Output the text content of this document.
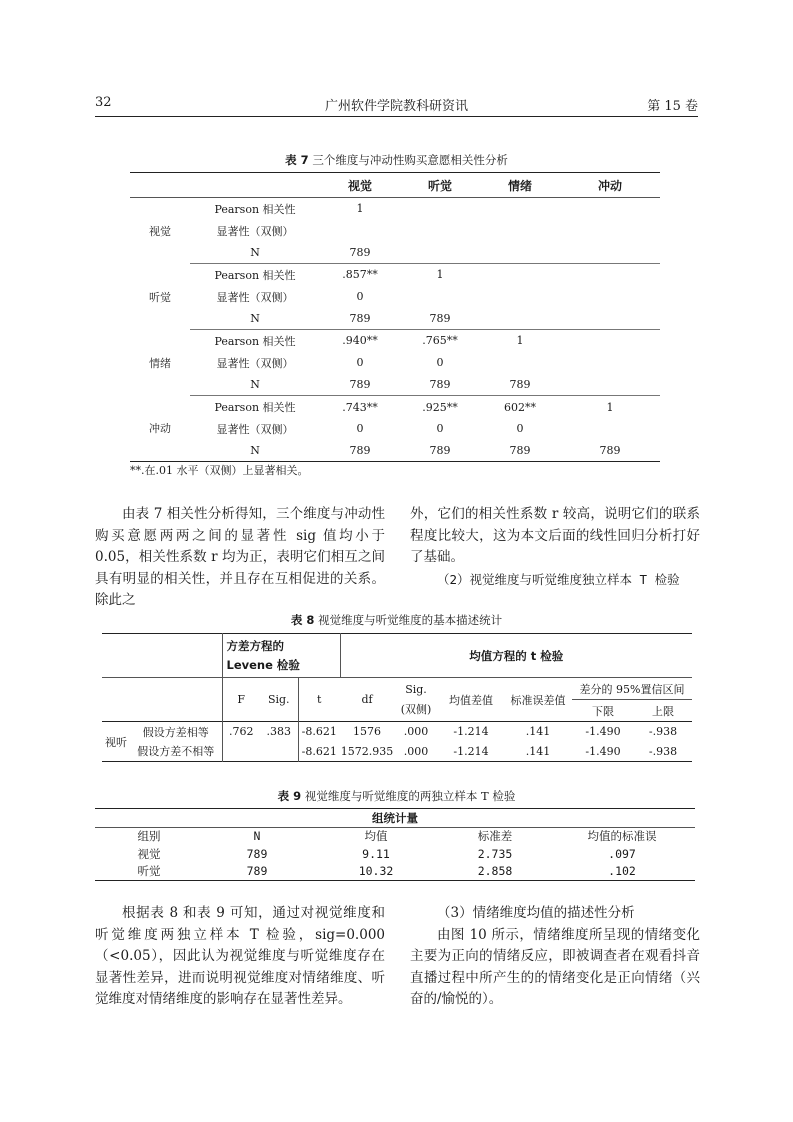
32	广州软件学院教科研资讯	第 15 卷
表 7 三个维度与冲动性购买意愿相关性分析
		视觉	听觉	情绪	冲动
视觉	Pearson 相关性	1			
	显著性（双侧）				
	N	789			
听觉	Pearson 相关性	.857**	1		
	显著性（双侧）	0			
	N	789	789		
情绪	Pearson 相关性	.940**	.765**	1	
	显著性（双侧）	0	0		
	N	789	789	789	
冲动	Pearson 相关性	.743**	.925**	602**	1
	显著性（双侧）	0	0	0	
	N	789	789	789	789
**.在.01 水平（双侧）上显著相关。

由表 7 相关性分析得知，三个维度与冲动性购买意愿两两之间的显著性 sig 值均小于 0.05，相关性系数 r 均为正，表明它们相互之间具有明显的相关性，并且存在互相促进的关系。除此之

外，它们的相关性系数 r 较高，说明它们的联系程度比较大，这为本文后面的线性回归分析打好了基础。

（2）视觉维度与听觉维度独立样本 T 检验

表 8 视觉维度与听觉维度的基本描述统计

		方差方程的
Levene 检验			均值方程的 t 检验					
		F	Sig.	t	df	Sig.
(双侧)	均值差值	标准误差值	差分的 95%置信区间	
									下限	上限
视听	假设方差相等	.762	.383	-8.621	1576	.000	-1.214	.141	-1.490	-.938
	假设方差不相等			-8.621	1572.935	.000	-1.214	.141	-1.490	-.938
表 9 视觉维度与听觉维度的两独立样本 T 检验
组统计量				
组别	N	均值	标准差	均值的标准误
视觉	789	9.11	2.735	.097
听觉	789	10.32	2.858	.102

根据表 8 和表 9 可知，通过对视觉维度和听觉维度两独立样本 T 检验，sig=0.000（<0.05），因此认为视觉维度与听觉维度存在显著性差异，进而说明视觉维度对情绪维度、听觉维度对情绪维度的影响存在显著性差异。

（3）情绪维度均值的描述性分析

由图 10 所示，情绪维度所呈现的情绪变化主要为正向的情绪反应，即被调查者在观看抖音直播过程中所产生的的情绪变化是正向情绪（兴奋的/愉悦的）。
